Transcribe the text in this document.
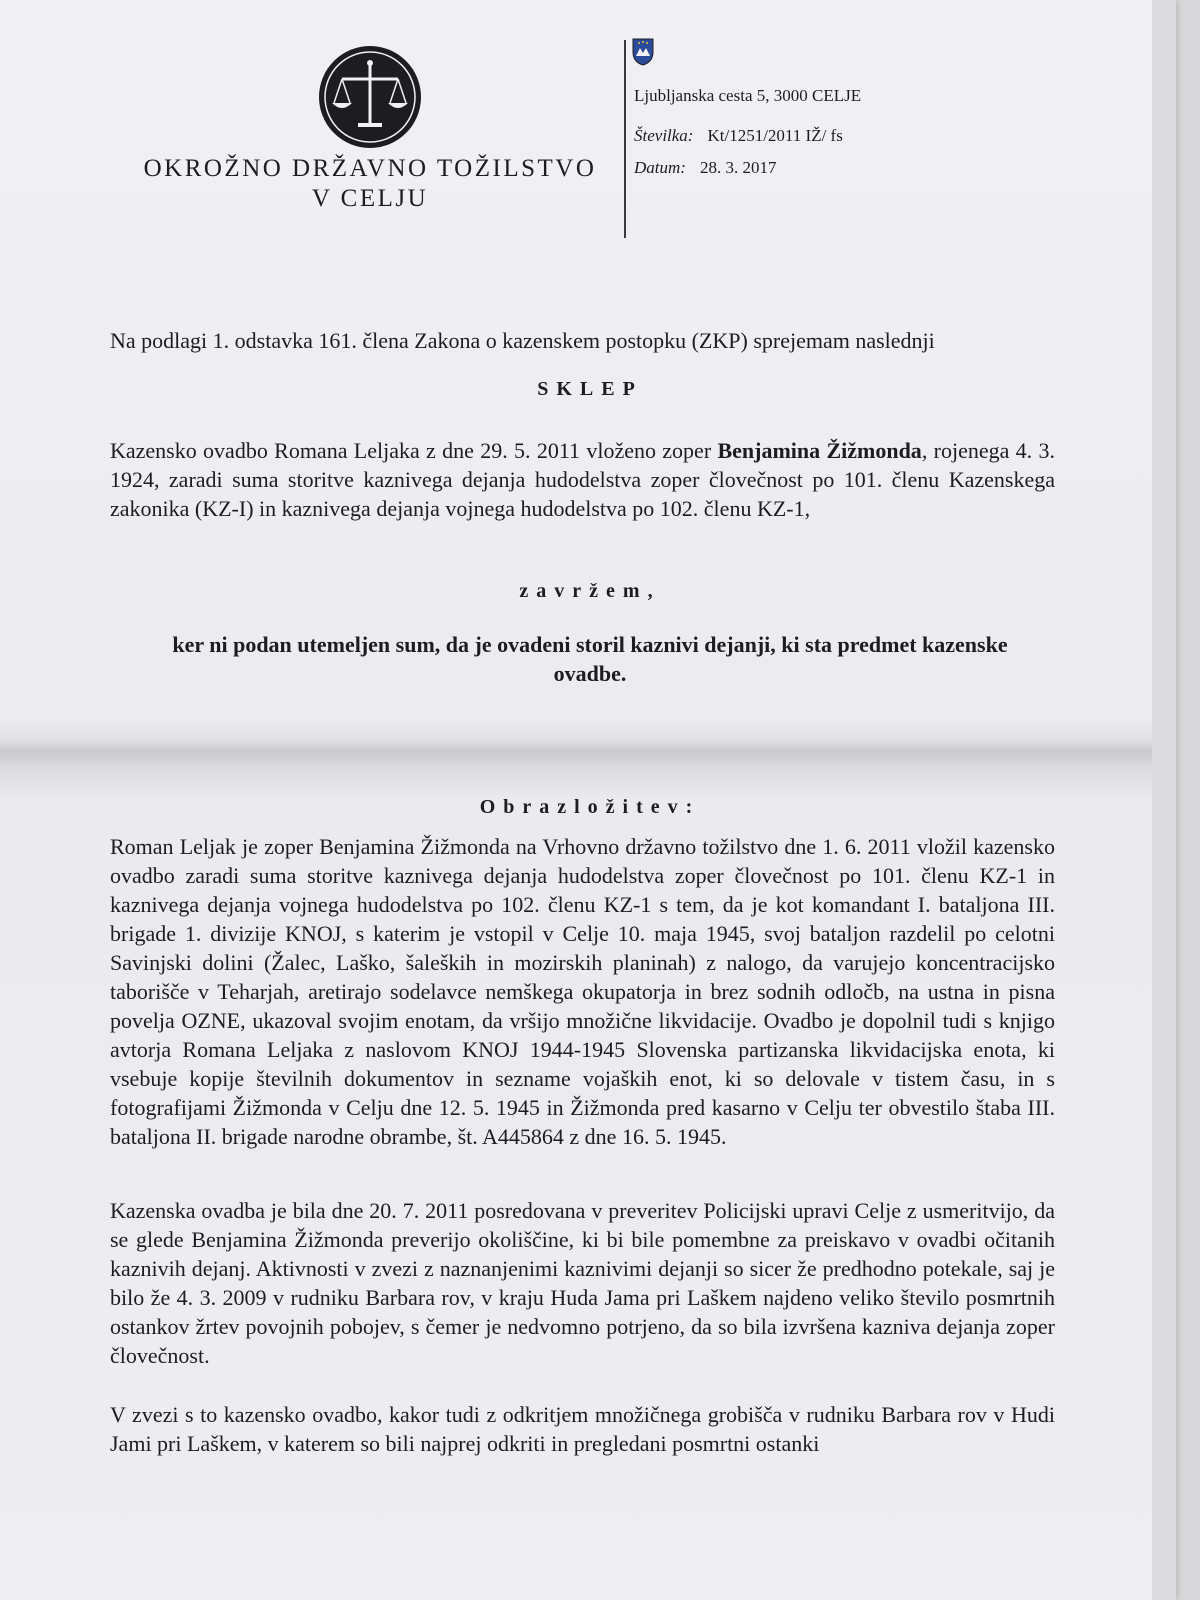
OKROŽNO DRŽAVNO TOŽILSTVO
V CELJU
Ljubljanska cesta 5, 3000 CELJE
Številka: Kt/1251/2011 IŽ/ fs
Datum: 28. 3. 2017
Na podlagi 1. odstavka 161. člena Zakona o kazenskem postopku (ZKP) sprejemam naslednji
SKLEP
Kazensko ovadbo Romana Leljaka z dne 29. 5. 2011 vloženo zoper Benjamina Žižmonda, rojenega 4. 3. 1924, zaradi suma storitve kaznivega dejanja hudodelstva zoper človečnost po 101. členu Kazenskega zakonika (KZ-I) in kaznivega dejanja vojnega hudodelstva po 102. členu KZ-1,
zavržem,
ker ni podan utemeljen sum, da je ovadeni storil kaznivi dejanji, ki sta predmet kazenske ovadbe.
Obrazložitev:
Roman Leljak je zoper Benjamina Žižmonda na Vrhovno državno tožilstvo dne 1. 6. 2011 vložil kazensko ovadbo zaradi suma storitve kaznivega dejanja hudodelstva zoper človečnost po 101. členu KZ-1 in kaznivega dejanja vojnega hudodelstva po 102. členu KZ-1 s tem, da je kot komandant I. bataljona III. brigade 1. divizije KNOJ, s katerim je vstopil v Celje 10. maja 1945, svoj bataljon razdelil po celotni Savinjski dolini (Žalec, Laško, šaleških in mozirskih planinah) z nalogo, da varujejo koncentracijsko taborišče v Teharjah, aretirajo sodelavce nemškega okupatorja in brez sodnih odločb, na ustna in pisna povelja OZNE, ukazoval svojim enotam, da vršijo množične likvidacije. Ovadbo je dopolnil tudi s knjigo avtorja Romana Leljaka z naslovom KNOJ 1944-1945 Slovenska partizanska likvidacijska enota, ki vsebuje kopije številnih dokumentov in sezname vojaških enot, ki so delovale v tistem času, in s fotografijami Žižmonda v Celju dne 12. 5. 1945 in Žižmonda pred kasarno v Celju ter obvestilo štaba III. bataljona II. brigade narodne obrambe, št. A445864 z dne 16. 5. 1945.
Kazenska ovadba je bila dne 20. 7. 2011 posredovana v preveritev Policijski upravi Celje z usmeritvijo, da se glede Benjamina Žižmonda preverijo okoliščine, ki bi bile pomembne za preiskavo v ovadbi očitanih kaznivih dejanj. Aktivnosti v zvezi z naznanjenimi kaznivimi dejanji so sicer že predhodno potekale, saj je bilo že 4. 3. 2009 v rudniku Barbara rov, v kraju Huda Jama pri Laškem najdeno veliko število posmrtnih ostankov žrtev povojnih pobojev, s čemer je nedvomno potrjeno, da so bila izvršena kazniva dejanja zoper človečnost.
V zvezi s to kazensko ovadbo, kakor tudi z odkritjem množičnega grobišča v rudniku Barbara rov v Hudi Jami pri Laškem, v katerem so bili najprej odkriti in pregledani posmrtni ostanki
